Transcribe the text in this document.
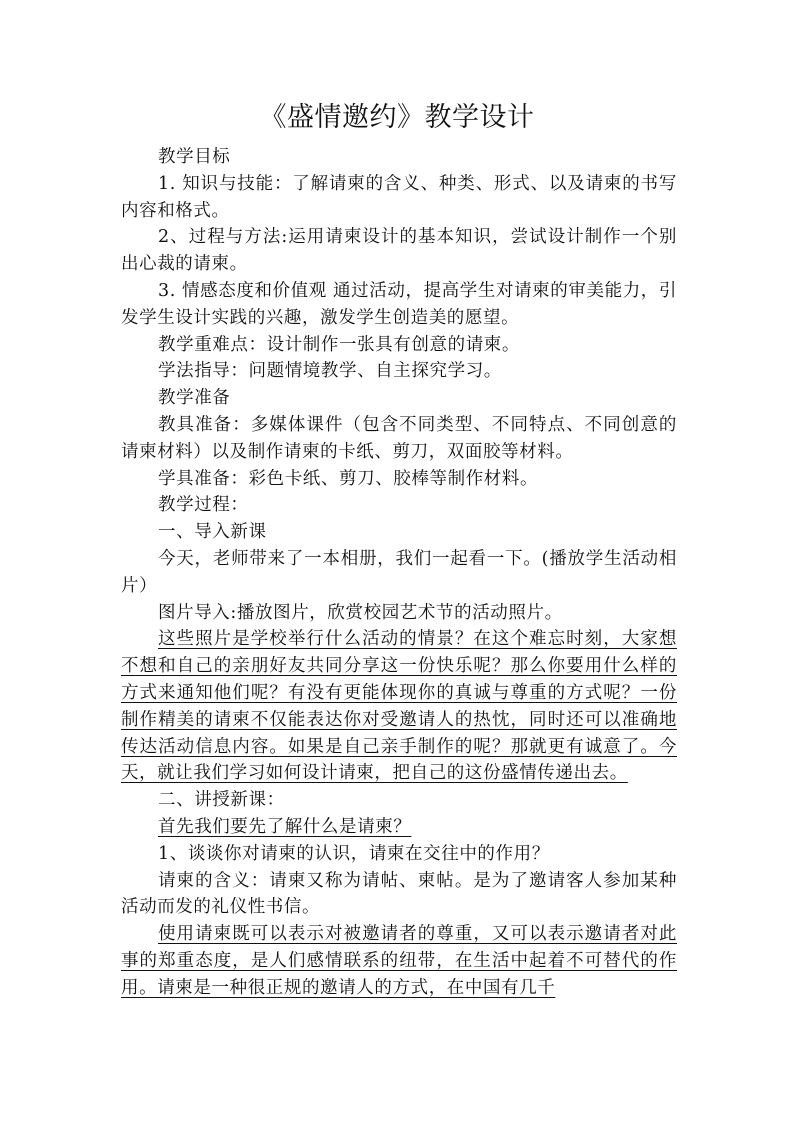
《盛情邀约》教学设计

教学目标

1. 知识与技能：了解请柬的含义、种类、形式、以及请柬的书写内容和格式。

2、过程与方法:运用请柬设计的基本知识，尝试设计制作一个别出心裁的请柬。

3. 情感态度和价值观 通过活动，提高学生对请柬的审美能力，引发学生设计实践的兴趣，激发学生创造美的愿望。

教学重难点：设计制作一张具有创意的请柬。

学法指导：问题情境教学、自主探究学习。

教学准备

教具准备：多媒体课件（包含不同类型、不同特点、不同创意的请柬材料）以及制作请柬的卡纸、剪刀，双面胶等材料。

学具准备：彩色卡纸、剪刀、胶棒等制作材料。

教学过程：

一、导入新课

今天，老师带来了一本相册，我们一起看一下。(播放学生活动相片）

图片导入:播放图片，欣赏校园艺术节的活动照片。

这些照片是学校举行什么活动的情景？在这个难忘时刻，大家想不想和自己的亲朋好友共同分享这一份快乐呢？那么你要用什么样的方式来通知他们呢？有没有更能体现你的真诚与尊重的方式呢？一份制作精美的请柬不仅能表达你对受邀请人的热忱，同时还可以准确地传达活动信息内容。如果是自己亲手制作的呢？那就更有诚意了。今天，就让我们学习如何设计请柬，把自己的这份盛情传递出去。

二、讲授新课：

首先我们要先了解什么是请柬？

1、谈谈你对请柬的认识，请柬在交往中的作用？

请柬的含义：请柬又称为请帖、柬帖。是为了邀请客人参加某种活动而发的礼仪性书信。

使用请柬既可以表示对被邀请者的尊重，又可以表示邀请者对此事的郑重态度，是人们感情联系的纽带，在生活中起着不可替代的作用。请柬是一种很正规的邀请人的方式，在中国有几千
